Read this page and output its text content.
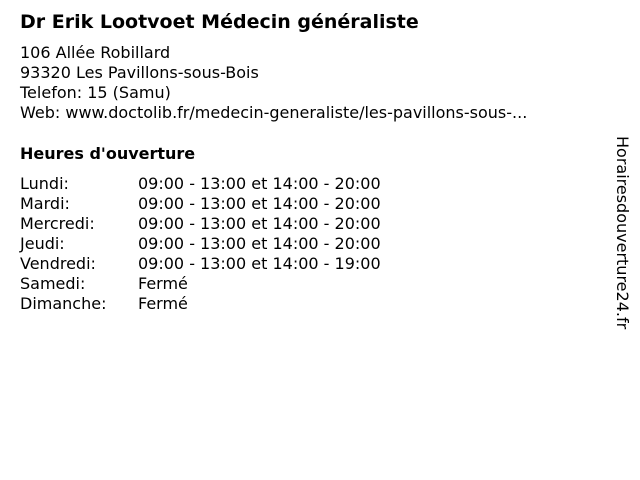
Dr Erik Lootvoet Médecin généraliste
106 Allée Robillard
93320 Les Pavillons-sous-Bois
Telefon: 15 (Samu)
Web: www.doctolib.fr/medecin-generaliste/les-pavillons-sous-...
Heures d'ouverture
Lundi:	09:00 - 13:00 et 14:00 - 20:00
Mardi:	09:00 - 13:00 et 14:00 - 20:00
Mercredi:	09:00 - 13:00 et 14:00 - 20:00
Jeudi:	09:00 - 13:00 et 14:00 - 20:00
Vendredi:	09:00 - 13:00 et 14:00 - 19:00
Samedi:	Fermé
Dimanche:	Fermé	Horairesdouverture24.fr
